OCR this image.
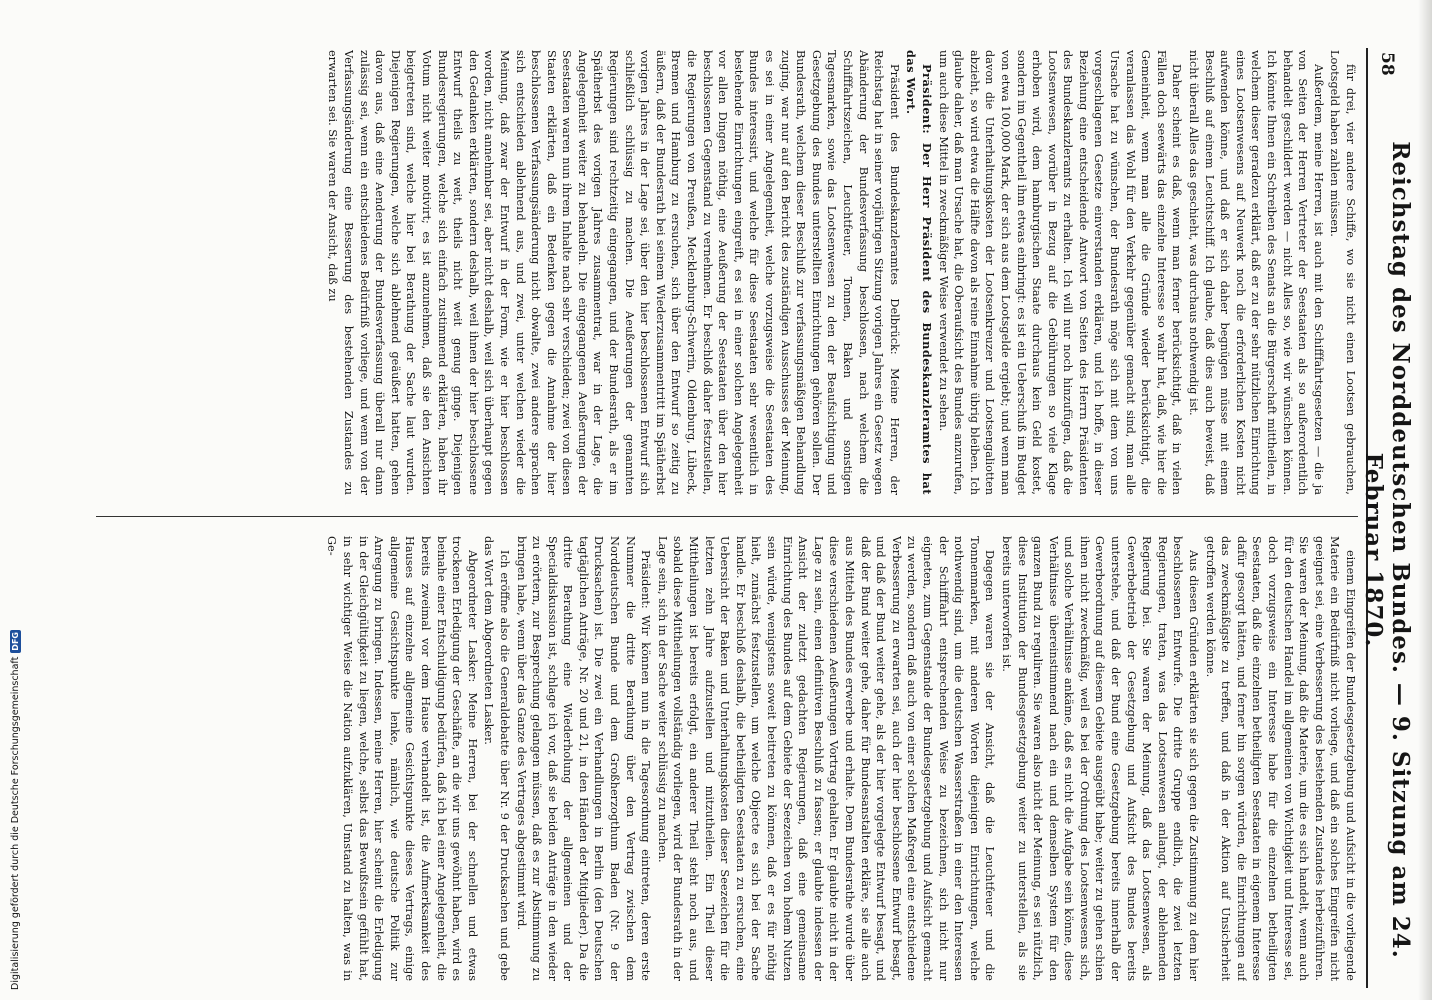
58
Reichstag des Norddeutschen Bundes. — 9. Sitzung am 24. Februar 1870.

für drei, vier andere Schiffe, wo sie nicht einen Lootsen gebrauchen, Lootsgeld haben zahlen müssen.

Außerdem, meine Herren, ist auch mit den Schifffahrtsgesetzen — die ja von Seiten der Herren Vertreter der Seestaaten als so außerordentlich behandelt geschildert werden — nicht Alles so, wie wir wünschen können. Ich könnte Ihnen ein Schreiben des Senats an die Bürgerschaft mittheilen, in welchem dieser geradezu erklärt, daß er zu der sehr nützlichen Einrichtung eines Lootsenwesens auf Neuwerk noch die erforderlichen Kosten nicht aufwenden könne, und daß er sich daher begnügen müsse mit einem Beschluß auf einem Leuchtschiff. Ich glaube, daß dies auch beweist, daß nicht überall Alles das geschieht, was durchaus nothwendig ist.

Daher scheint es daß, wenn man ferner berücksichtigt, daß in vielen Fällen doch seewärts das einzelne Interesse so wahr hat, daß, wie hier die Gemeinheit, wenn man alle die Gründe wieder berücksichtigt, die veranlassen das Wohl für den Verkehr gegenüber gemacht sind, man alle Ursache hat zu wünschen, der Bundesrath möge sich mit dem von uns vorgeschlagenen Gesetze einverstanden erklären, und ich hoffe, in dieser Beziehung eine entscheidende Antwort von Seiten des Herrn Präsidenten des Bundeskanzleramts zu erhalten. Ich will nur noch hinzufügen, daß die Lootsenwesen, worüber in Bezug auf die Gebührungen so viele Klage erhoben wird, dem hamburgischen Staate durchaus kein Geld kostet, sondern im Gegentheil ihm etwas einbringt: es ist ein Ueberschuß im Budget von etwa 100,000 Mark, der sich aus dem Lootsgelde ergiebt; und wenn man davon die Unterhaltungskosten der Lootsenkreuzer und Lootsengaliotten abzieht, so wird etwa die Hälfte davon als reine Einnahme übrig bleiben. Ich glaube daher, daß man Ursache hat, die Oberaufsicht des Bundes anzurufen, um auch diese Mittel in zweckmäßiger Weise verwendet zu sehen.

Präsident: Der Herr Präsident des Bundeskanzleramtes hat das Wort.

Präsident des Bundeskanzleramtes Delbrück: Meine Herren, der Reichstag hat in seiner vorjährigen Sitzung vorigen Jahres ein Gesetz wegen Abänderung der Bundesverfassung beschlossen, nach welchem die Schifffahrtszeichen, Leuchtfeuer, Tonnen, Baken und sonstigen Tagesmarken, sowie das Lootsenwesen zu den der Beaufsichtigung und Gesetzgebung des Bundes unterstellten Einrichtungen gehören sollen. Der Bundesrath, welchem dieser Beschluß zur verfassungsmäßigen Behandlung zuging, war nur auf den Bericht des zuständigen Ausschusses der Meinung, es sei in einer Angelegenheit, welche vorzugsweise die Seestaaten des Bundes interessirt, und welche für diese Seestaaten sehr wesentlich in bestehende Einrichtungen eingreift, es sei in einer solchen Angelegenheit vor allen Dingen nöthig, eine Aeußerung der Seestaaten über den hier beschlossenen Gegenstand zu vernehmen. Er beschloß daher festzustellen, die Regierungen von Preußen, Mecklenburg-Schwerin, Oldenburg, Lübeck, Bremen und Hamburg zu ersuchen, sich über den Entwurf so zeitig zu äußern, daß der Bundesrath bei seinem Wiederzusammentritt im Spätherbst vorigen Jahres in der Lage sei, über den hier beschlossenen Entwurf sich schließlich schlüssig zu machen. Die Aeußerungen der genannten Regierungen sind rechtzeitig eingegangen, und der Bundesrath, als er im Spätherbst des vorigen Jahres zusammentrat, war in der Lage, die Angelegenheit weiter zu behandeln. Die eingegangenen Aeußerungen der Seestaaten waren nun ihrem Inhalte nach sehr verschieden; zwei von diesen Staaten erklärten, daß ein Bedenken gegen die Annahme der hier beschlossenen Verfassungsänderung nicht obwalte, zwei andere sprachen sich entschieden ablehnend aus, und zwei, unter welchen wieder die Meinung, daß zwar der Entwurf in der Form, wie er hier beschlossen worden, nicht annehmbar sei, aber nicht deshalb, weil sich überhaupt gegen den Gedanken erklärten, sondern deshalb, weil ihnen der hier beschlossene Entwurf theils zu weit, theils nicht weit genug ginge. Diejenigen Bundesregierungen, welche sich einfach zustimmend erklärten, haben ihr Votum nicht weiter motivirt; es ist anzunehmen, daß sie den Ansichten beigetreten sind, welche hier bei Berathung der Sache laut wurden. Diejenigen Regierungen, welche sich ablehnend geäußert hatten, gehen davon aus, daß eine Aenderung der Bundesverfassung überall nur dann zulässig sei, wenn ein entschiedenes Bedürfniß vorliege, und wenn von der Verfassungsänderung eine Besserung des bestehenden Zustandes zu erwarten sei. Sie waren der Ansicht, daß zu

einem Eingreifen der Bundesgesetzgebung und Aufsicht in die vorliegende Materie ein Bedürfniß nicht vorliege, und daß ein solches Eingreifen nicht geeignet sei, eine Verbesserung des bestehenden Zustandes herbeizuführen. Sie waren der Meinung, daß die Materie, um die es sich handelt, wenn auch für den deutschen Handel im allgemeinen von Wichtigkeit und Interesse sei, doch vorzugsweise ein Interesse habe für die einzelnen betheiligten Seestaaten, daß die einzelnen betheiligten Seestaaten in eigenem Interesse dafür gesorgt hätten, und ferner hin sorgen würden, die Einrichtungen auf das zweckmäßigste zu treffen, und daß in der Aktion auf Unsicherheit getroffen werden könne.

Aus diesen Gründen erklärten sie sich gegen die Zustimmung zu dem hier beschlossenen Entwurfe. Die dritte Gruppe endlich, die zwei letzten Regierungen, traten, was das Lootsenwesen anlangt, der ablehnenden Regierung bei. Sie waren der Meinung, daß das Lootsenwesen, als Gewerbebetrieb der Gesetzgebung und Aufsicht des Bundes bereits unterstehe, und daß der Bund eine Gesetzgebung bereits innerhalb der Gewerbeordnung auf diesem Gebiete ausgeübt habe; weiter zu gehen schien ihnen nicht zweckmäßig, weil es bei der Ordnung des Lootsenwesens sich, und solche Verhältnisse ankäme, daß es nicht die Aufgabe sein könne, diese Verhältnisse übereinstimmend nach ein und demselben System für den ganzen Bund zu reguliren. Sie waren also nicht der Meinung, es sei nützlich, diese Institution der Bundesgesetzgebung weiter zu unterstellen, als sie bereits unterworfen ist.

Dagegen waren sie der Ansicht, daß die Leuchtfeuer und die Tonnenmarken, mit anderen Worten diejenigen Einrichtungen, welche nothwendig sind, um die deutschen Wasserstraßen in einer den Interessen der Schifffahrt entsprechenden Weise zu bezeichnen, sich nicht nur eigneten, zum Gegenstande der Bundesgesetzgebung und Aufsicht gemacht zu werden, sondern daß auch von einer solchen Maßregel eine entschiedene Verbesserung zu erwarten sei, auch der hier beschlossene Entwurf besagt, und daß der Bund weiter gehe, als der hier vorgelegte Entwurf besagt, und daß der Bund weiter gehe, daher für Bundesanstalten erkläre, sie alle auch aus Mitteln des Bundes erwerbe und erhalte. Dem Bundesrathe wurde über diese verschiedenen Aeußerungen Vortrag gehalten. Er glaubte nicht in der Lage zu sein, einen definitiven Beschluß zu fassen; er glaubte indessen der Ansicht der zuletzt gedachten Regierungen, daß eine gemeinsame Einrichtung des Bundes auf dem Gebiete der Seezeichen von hohem Nutzen sein würde, wenigstens soweit beitreten zu können, daß er es für nöthig hielt, zunächst festzustellen, um welche Objecte es sich bei der Sache handle. Er beschloß deshalb, die betheiligten Seestaaten zu ersuchen, eine Uebersicht der Baken und Unterhaltungskosten dieser Seezeichen für die letzten zehn Jahre aufzustellen und mitzutheilen. Ein Theil dieser Mittheilungen ist bereits erfolgt, ein anderer Theil steht noch aus, und sobald diese Mittheilungen vollständig vorliegen, wird der Bundesrath in der Lage sein, sich in der Sache weiter schlüssig zu machen.

Präsident: Wir können nun in die Tagesordnung eintreten, deren erste Nummer die dritte Berathung über den Vertrag zwischen dem Norddeutschen Bunde und dem Großherzogthum Baden (Nr. 9 der Drucksachen) ist. Die zwei ein Verhandlungen in Berlin (den Deutschen tagtäglichen Anträge, Nr. 20 und 21, in den Händen der Mitglieder). Da die dritte Berathung eine Wiederholung der allgemeinen und der Specialdiskussion ist, schlage ich vor, daß sie beiden Anträge in den wieder zu erörtern, zur Besprechung gelangen müssen, daß es zur Abstimmung zu bringen habe, wenn über das Ganze des Vertrages abgestimmt wird.

Ich eröffne also die Generaldebatte über Nr. 9 der Drucksachen und gebe das Wort dem Abgeordneten Lasker.

Abgeordneter Lasker: Meine Herren, bei der schnellen und etwas trockenen Erledigung der Geschäfte, an die wir uns gewöhnt haben, wird es beinahe einer Entschuldigung bedürfen, daß ich bei einer Angelegenheit, die bereits zweimal vor dem Hause verhandelt ist, die Aufmerksamkeit des Hauses auf einzelne allgemeine Gesichtspunkte dieses Vertrags, einige allgemeine Gesichtspunkte lenke, nämlich, wie deutsche Politik zur Anregung zu bringen. Indessen, meine Herren, hier scheint die Erledigung in der Gleichgültigkeit zu liegen, welche, selbst das Bewußtsein gefühlt hat, in sehr wichtiger Weise die Nation aufzuklären, Umstand zu halten, was in Ge-

Digitalisierung gefördert durch die Deutsche Forschungsgemeinschaft
DFG
